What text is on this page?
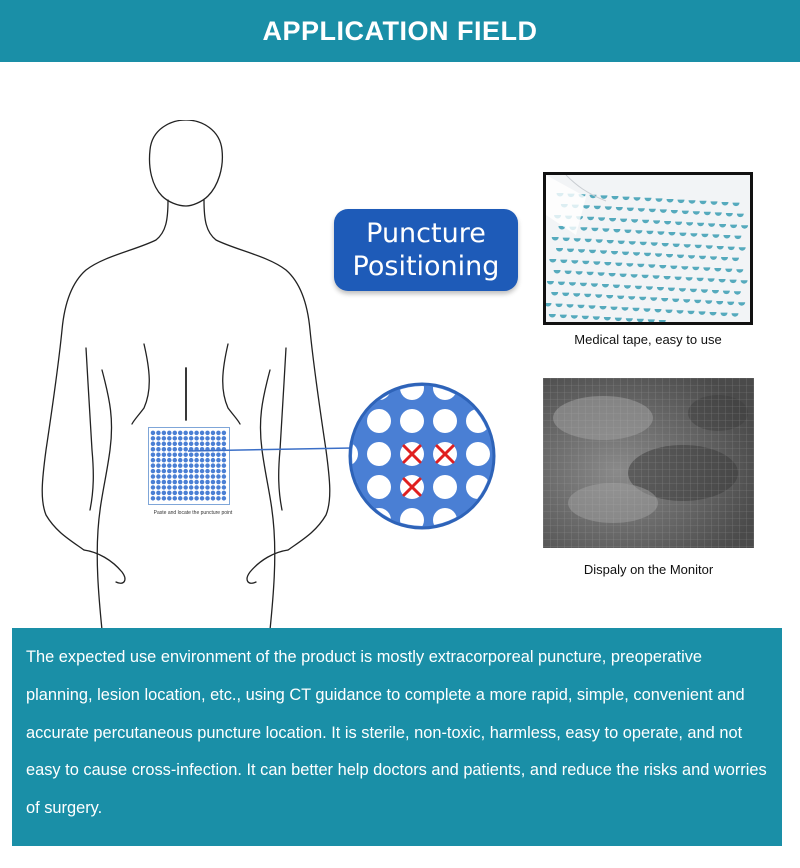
APPLICATION FIELD
Paste and locate the puncture point
Puncture
Positioning
Medical tape, easy to use
Dispaly on the Monitor

The expected use environment of the product is mostly extracorporeal puncture, preoperative planning, lesion location, etc., using CT guidance to complete a more rapid, simple, convenient and accurate percutaneous puncture location. It is sterile, non-toxic, harmless, easy to operate, and not easy to cause cross-infection. It can better help doctors and patients, and reduce the risks and worries of surgery.
